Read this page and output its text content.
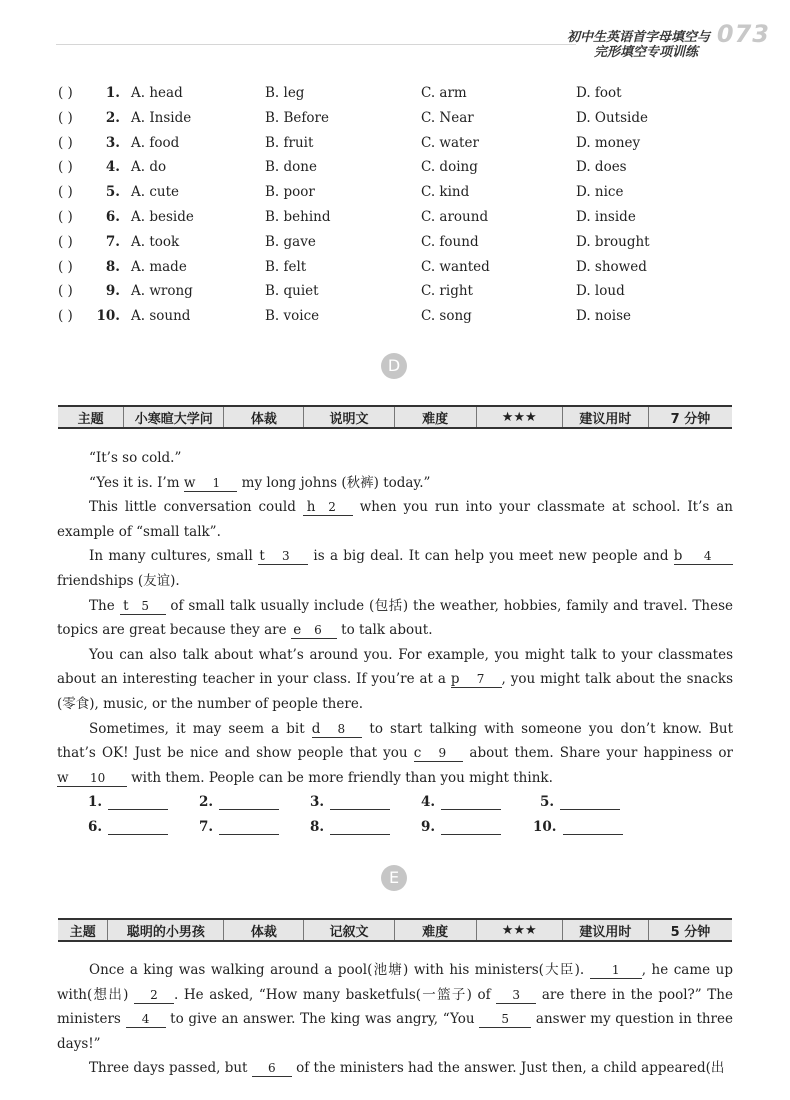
初中生英语首字母填空与
完形填空专项训练
073
( ) 1. A. head	B. leg	C. arm	D. foot
( ) 2. A. Inside	B. Before	C. Near	D. Outside
( ) 3. A. food	B. fruit	C. water	D. money
( ) 4. A. do	B. done	C. doing	D. does
( ) 5. A. cute	B. poor	C. kind	D. nice
( ) 6. A. beside	B. behind	C. around	D. inside
( ) 7. A. took	B. gave	C. found	D. brought
( ) 8. A. made	B. felt	C. wanted	D. showed
( ) 9. A. wrong	B. quiet	C. right	D. loud
( ) 10. A. sound	B. voice	C. song	D. noise
D
主题	小寒暄大学问	体裁	说明文	难度	★★★	建议用时	7 分钟

“It’s so cold.”

“Yes it is. I’m w 1     my long johns (秋裤) today.”

This little conversation could h 2    when you run into your classmate at school. It’s an example of “small talk”.

In many cultures, small t 3     is a big deal. It can help you meet new people and b 4      friendships (友谊).

The t 5    of small talk usually include (包括) the weather, hobbies, family and travel. These topics are great because they are e 6    to talk about.

You can also talk about what’s around you. For example, you might talk to your classmates about an interesting teacher in your class. If you’re at a p 7 , you might talk about the snacks (零食), music, or the number of people there.

Sometimes, it may seem a bit d 8     to start talking with someone you don’t know. But that’s OK! Just be nice and show people that you c 9     about them. Share your happiness or w 10      with them. People can be more friendly than you might think.

1.	2.	3.	4.	5.
6.	7.	8.	9.	10.
E
主题	聪明的小男孩	体裁	记叙文	难度	★★★	建议用时	5 分钟

Once a king was walking around a pool(池塘) with his ministers(大臣). 1 , he came up with(想出) 2 . He asked, “How many basketfuls(一篮子) of 3 are there in the pool?” The ministers 4 to give an answer. The king was angry, “You 5 answer my question in three days!”

Three days passed, but 6 of the ministers had the answer. Just then, a child appeared(出
